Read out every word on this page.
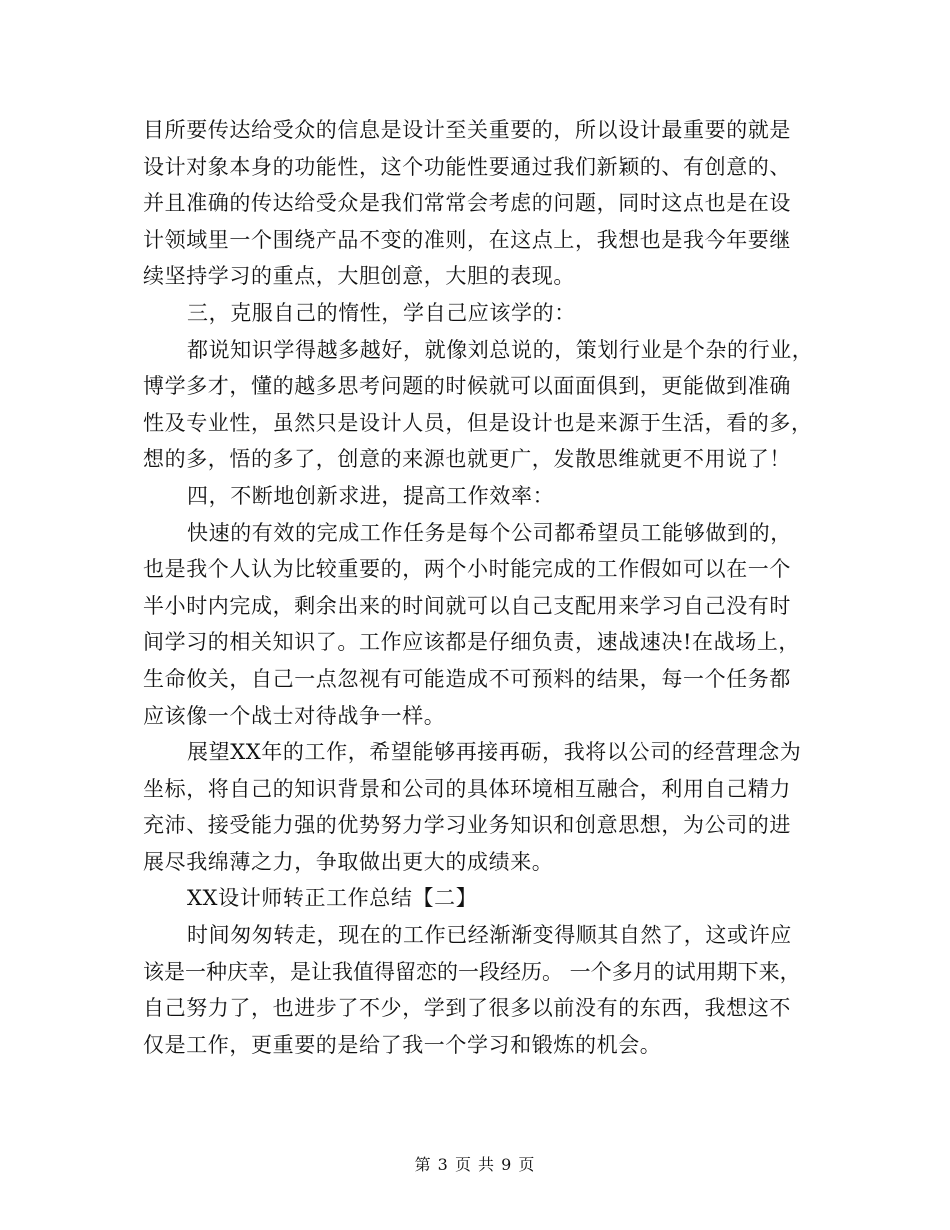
目所要传达给受众的信息是设计至关重要的，所以设计最重要的就是
设计对象本身的功能性，这个功能性要通过我们新颖的、有创意的、
并且准确的传达给受众是我们常常会考虑的问题，同时这点也是在设
计领域里一个围绕产品不变的准则，在这点上，我想也是我今年要继
续坚持学习的重点，大胆创意，大胆的表现。
三，克服自己的惰性，学自己应该学的：
都说知识学得越多越好，就像刘总说的，策划行业是个杂的行业，
博学多才，懂的越多思考问题的时候就可以面面俱到，更能做到准确
性及专业性，虽然只是设计人员，但是设计也是来源于生活，看的多，
想的多，悟的多了，创意的来源也就更广，发散思维就更不用说了！
四，不断地创新求进，提高工作效率：
快速的有效的完成工作任务是每个公司都希望员工能够做到的，
也是我个人认为比较重要的，两个小时能完成的工作假如可以在一个
半小时内完成，剩余出来的时间就可以自己支配用来学习自己没有时
间学习的相关知识了。工作应该都是仔细负责，速战速决!在战场上，
生命攸关，自己一点忽视有可能造成不可预料的结果，每一个任务都
应该像一个战士对待战争一样。
展望XX年的工作，希望能够再接再砺，我将以公司的经营理念为
坐标，将自己的知识背景和公司的具体环境相互融合，利用自己精力
充沛、接受能力强的优势努力学习业务知识和创意思想，为公司的进
展尽我绵薄之力，争取做出更大的成绩来。
XX设计师转正工作总结【二】
时间匆匆转走，现在的工作已经渐渐变得顺其自然了，这或许应
该是一种庆幸，是让我值得留恋的一段经历。 一个多月的试用期下来，
自己努力了，也进步了不少，学到了很多以前没有的东西，我想这不
仅是工作，更重要的是给了我一个学习和锻炼的机会。
第 3 页 共 9 页
